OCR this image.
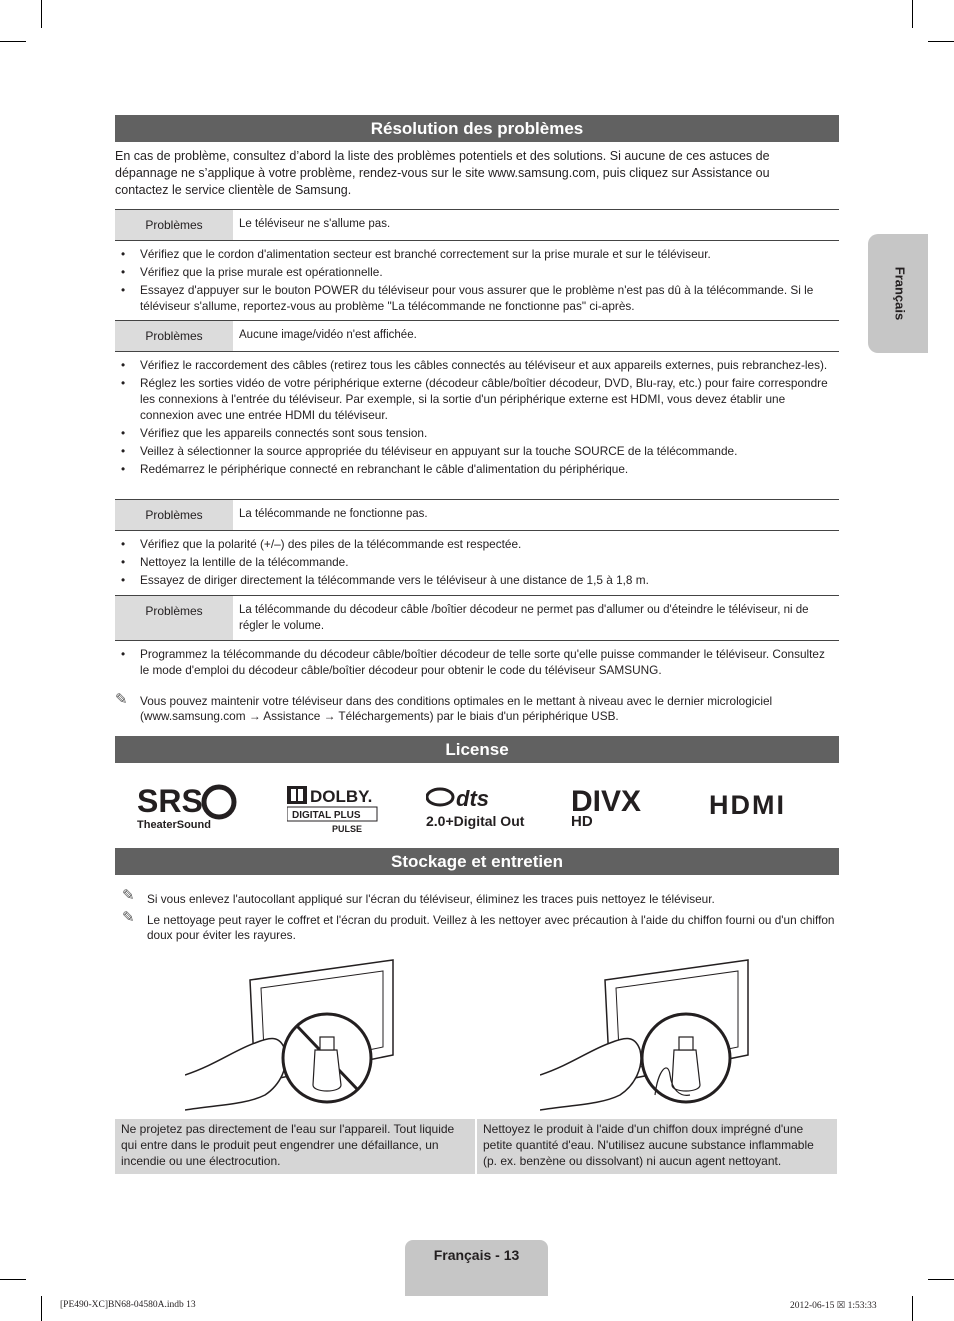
Français
Résolution des problèmes
En cas de problème, consultez d’abord la liste des problèmes potentiels et des solutions. Si aucune de ces astuces de dépannage ne s’applique à votre problème, rendez-vous sur le site www.samsung.com, puis cliquez sur Assistance ou contactez le service clientèle de Samsung.
Problèmes	Le téléviseur ne s'allume pas.
• Vérifiez que le cordon d'alimentation secteur est branché correctement sur la prise murale et sur le téléviseur.
• Vérifiez que la prise murale est opérationnelle.
• Essayez d'appuyer sur le bouton POWER du téléviseur pour vous assurer que le problème n'est pas dû à la télécommande. Si le téléviseur s'allume, reportez-vous au problème "La télécommande ne fonctionne pas" ci-après.
Problèmes	Aucune image/vidéo n'est affichée.
• Vérifiez le raccordement des câbles (retirez tous les câbles connectés au téléviseur et aux appareils externes, puis rebranchez-les).
• Réglez les sorties vidéo de votre périphérique externe (décodeur câble/boîtier décodeur, DVD, Blu-ray, etc.) pour faire correspondre les connexions à l'entrée du téléviseur. Par exemple, si la sortie d'un périphérique externe est HDMI, vous devez établir une connexion avec une entrée HDMI du téléviseur.
• Vérifiez que les appareils connectés sont sous tension.
• Veillez à sélectionner la source appropriée du téléviseur en appuyant sur la touche SOURCE de la télécommande.
• Redémarrez le périphérique connecté en rebranchant le câble d'alimentation du périphérique.
Problèmes	La télécommande ne fonctionne pas.
• Vérifiez que la polarité (+/–) des piles de la télécommande est respectée.
• Nettoyez la lentille de la télécommande.
• Essayez de diriger directement la télécommande vers le téléviseur à une distance de 1,5 à 1,8 m.
Problèmes	La télécommande du décodeur câble /boîtier décodeur ne permet pas d'allumer ou d'éteindre le téléviseur, ni de régler le volume.
• Programmez la télécommande du décodeur câble/boîtier décodeur de telle sorte qu'elle puisse commander le téléviseur. Consultez le mode d'emploi du décodeur câble/boîtier décodeur pour obtenir le code du téléviseur SAMSUNG.
✎ Vous pouvez maintenir votre téléviseur dans des conditions optimales en le mettant à niveau avec le dernier micrologiciel (www.samsung.com → Assistance → Téléchargements) par le biais d'un périphérique USB.
License
SRS
TheaterSound
DOLBY.
DIGITAL PLUS
PULSE
dts
2.0+Digital Out
DIVX
HD
HDMI
Stockage et entretien
✎ Si vous enlevez l'autocollant appliqué sur l'écran du téléviseur, éliminez les traces puis nettoyez le téléviseur.
✎ Le nettoyage peut rayer le coffret et l'écran du produit. Veillez à les nettoyer avec précaution à l'aide du chiffon fourni ou d'un chiffon doux pour éviter les rayures.
Ne projetez pas directement de l'eau sur l'appareil. Tout liquide qui entre dans le produit peut engendrer une défaillance, un incendie ou une électrocution.
Nettoyez le produit à l'aide d'un chiffon doux imprégné d'une petite quantité d'eau. N'utilisez aucune substance inflammable (p. ex. benzène ou dissolvant) ni aucun agent nettoyant.
Français - 13
[PE490-XC]BN68-04580A.indb 13	2012-06-15 ☒ 1:53:33
